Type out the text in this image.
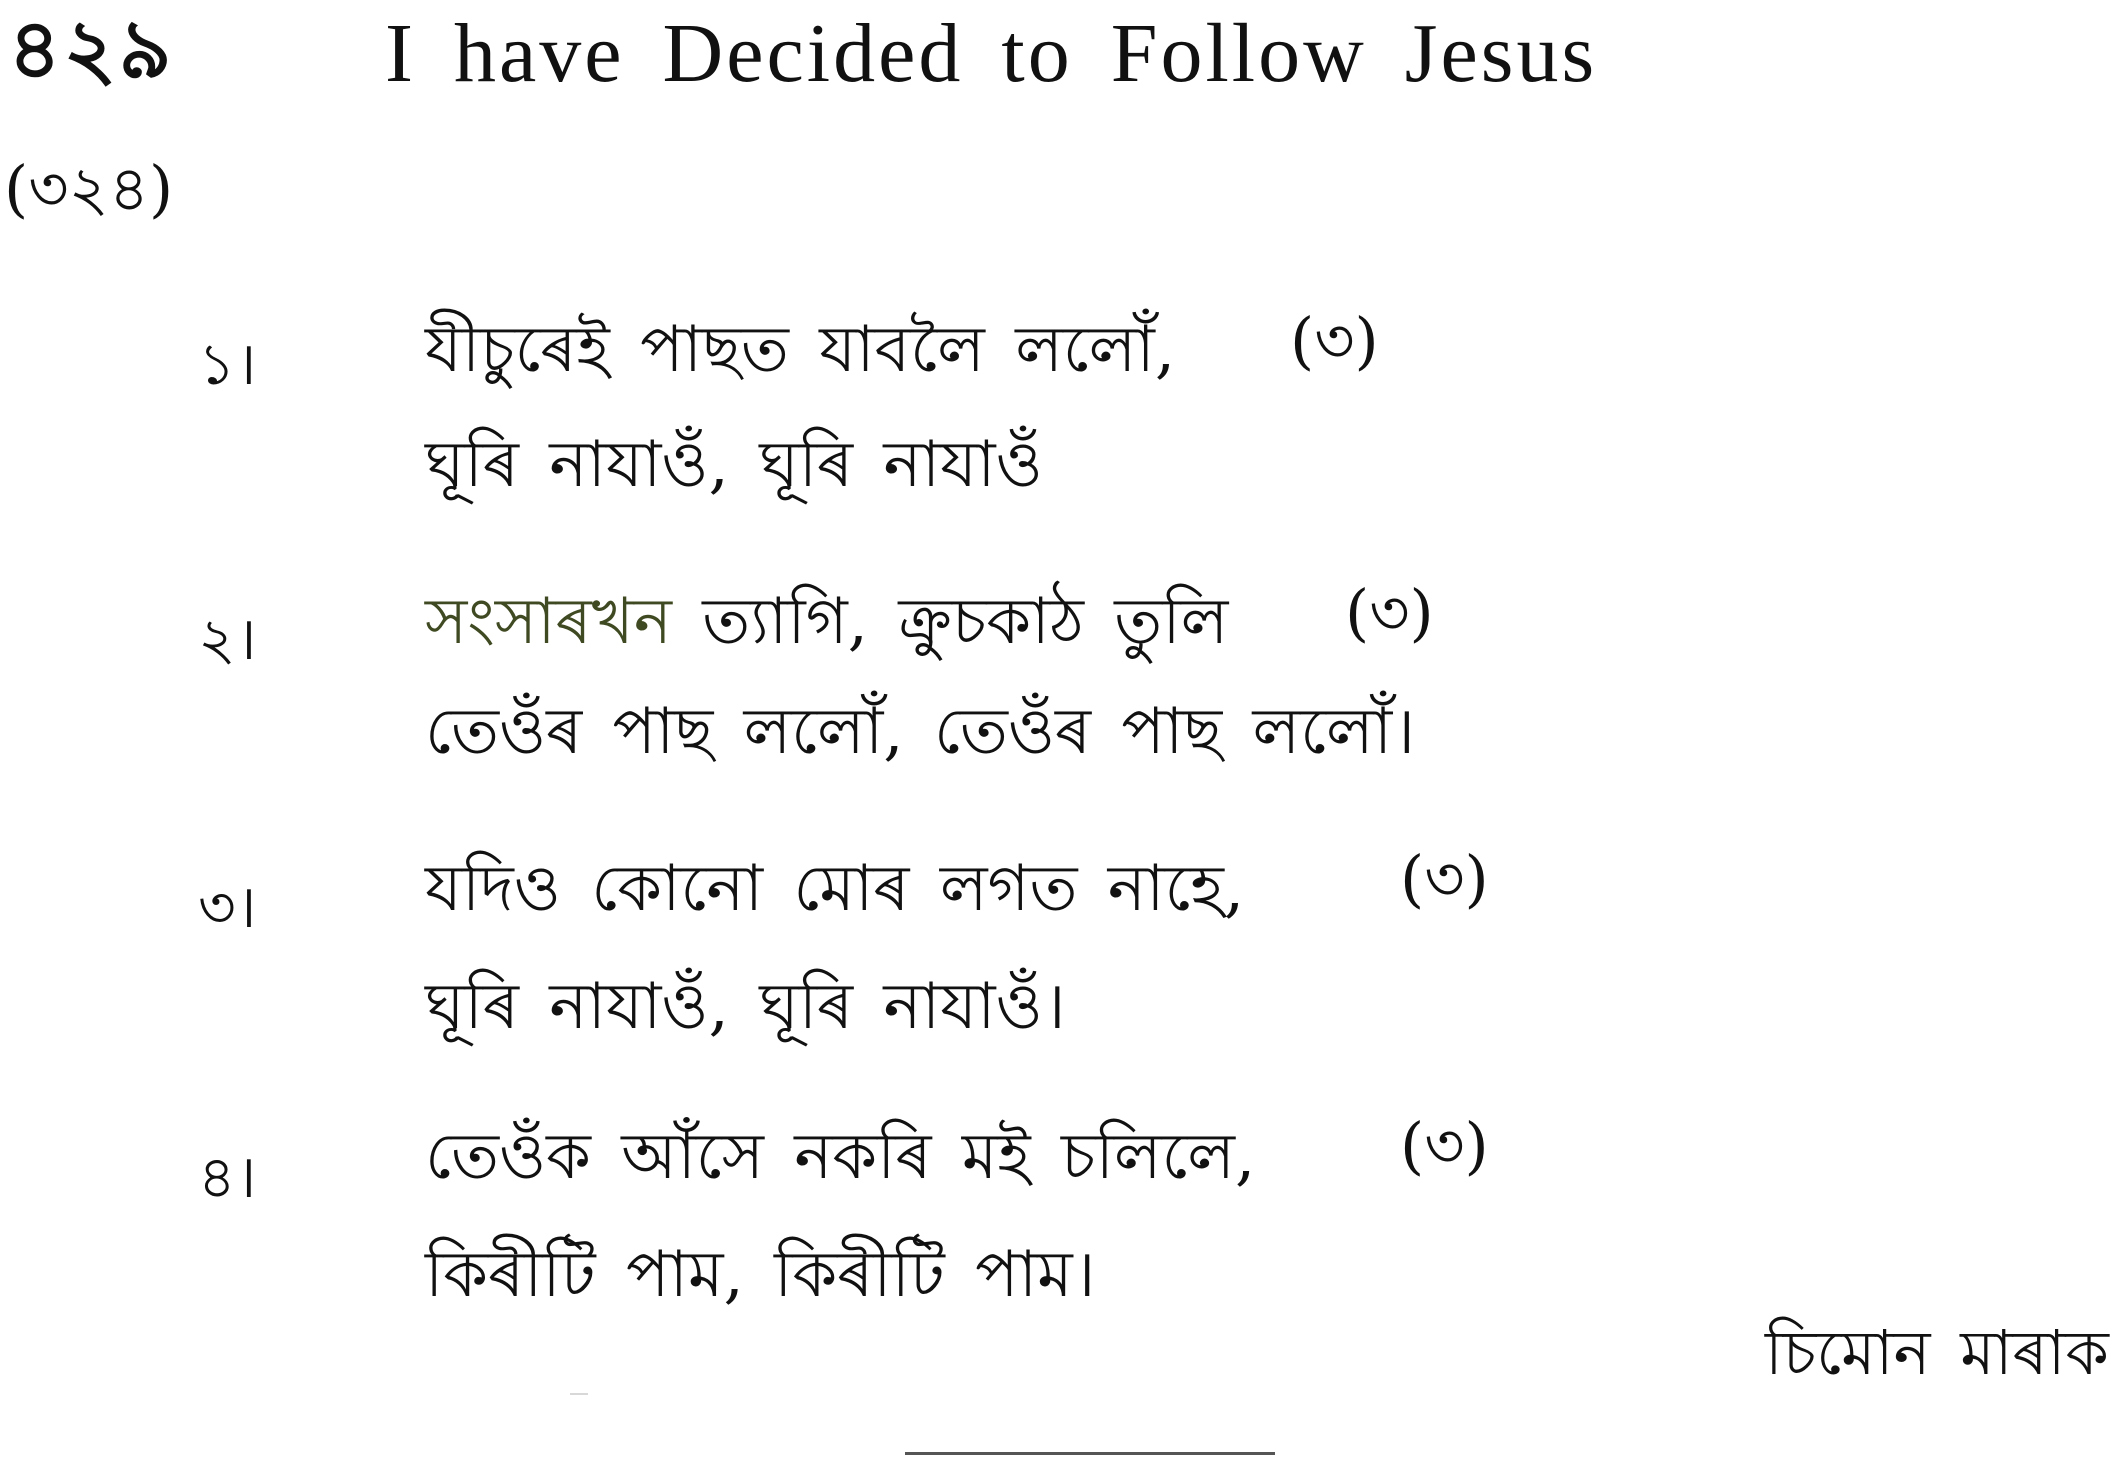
৪২৯	I have Decided to Follow Jesus
(৩২৪)
১।	যীচুৰেই পাছত যাবলৈ ললোঁ, (৩)
ঘূৰি নাযাওঁ, ঘূৰি নাযাওঁ
২।	সংসাৰখন ত্যাগি, ক্রুচকাঠ তুলি (৩)
তেওঁৰ পাছ ললোঁ, তেওঁৰ পাছ ললোঁ।
৩।	যদিও কোনো মোৰ লগত নাহে,	(৩)
ঘূৰি নাযাওঁ, ঘূৰি নাযাওঁ।
৪।	তেওঁক আঁসে নকৰি মই চলিলে, (৩)
কিৰীটি পাম, কিৰীটি পাম।
চিমোন মাৰাক
